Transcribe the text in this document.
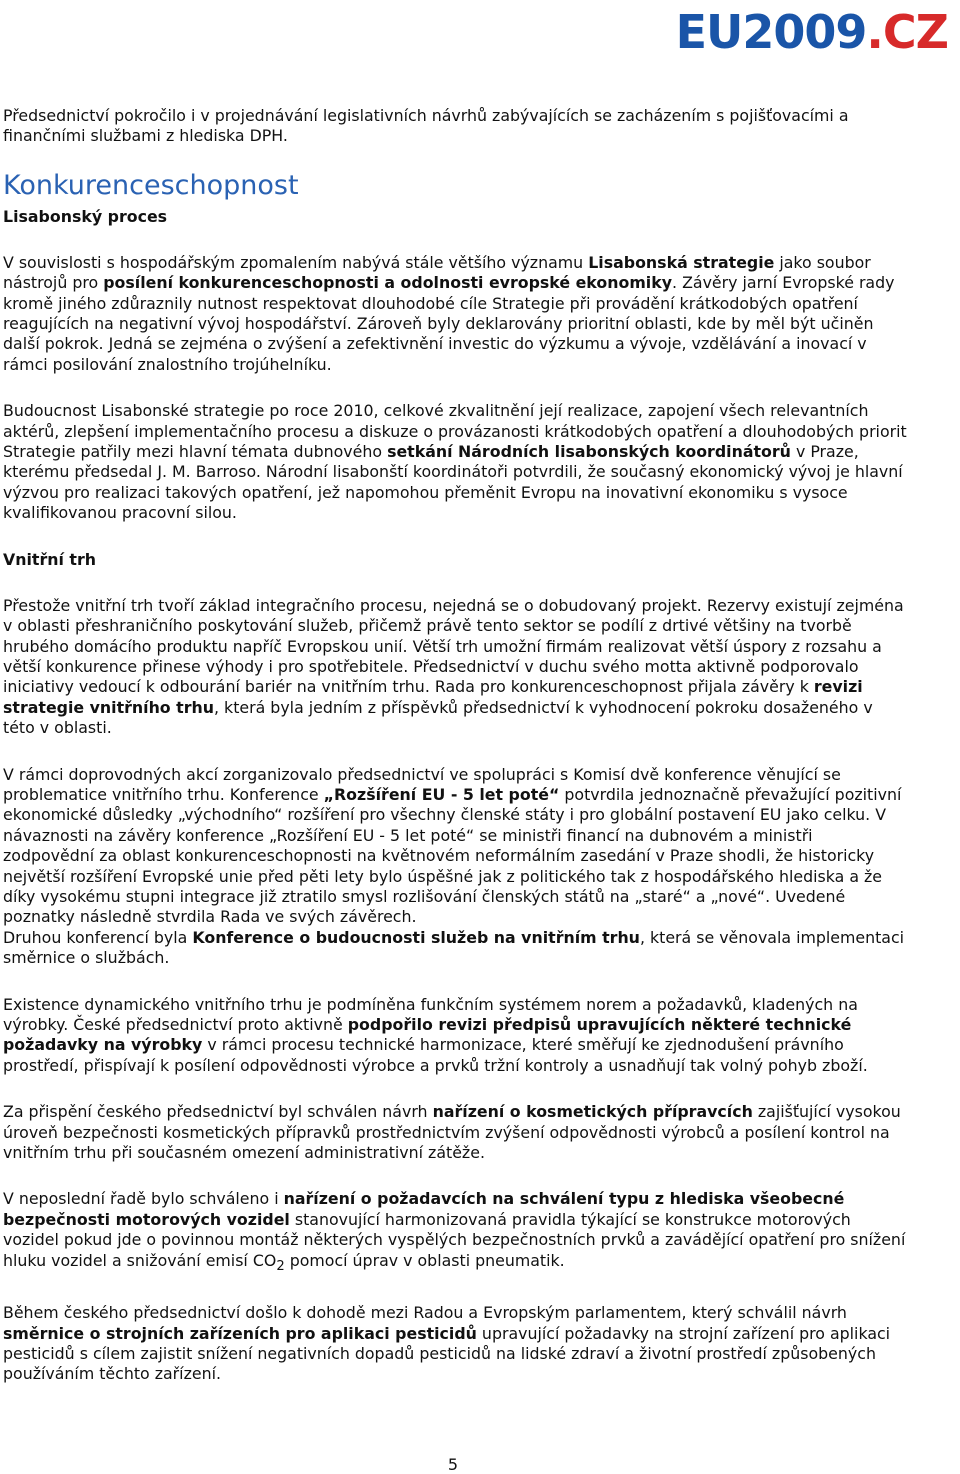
EU2009.CZ

Předsednictví pokročilo i v projednávání legislativních návrhů zabývajících se zacházením s pojišťovacími a finančními službami z hlediska DPH.

Konkurenceschopnost
Lisabonský proces

V souvislosti s hospodářským zpomalením nabývá stále většího významu Lisabonská strategie jako soubor nástrojů pro posílení konkurenceschopnosti a odolnosti evropské ekonomiky. Závěry jarní Evropské rady kromě jiného zdůraznily nutnost respektovat dlouhodobé cíle Strategie při provádění krátkodobých opatření reagujících na negativní vývoj hospodářství. Zároveň byly deklarovány prioritní oblasti, kde by měl být učiněn další pokrok. Jedná se zejména o zvýšení a zefektivnění investic do výzkumu a vývoje, vzdělávání a inovací v rámci posilování znalostního trojúhelníku.

Budoucnost Lisabonské strategie po roce 2010, celkové zkvalitnění její realizace, zapojení všech relevantních aktérů, zlepšení implementačního procesu a diskuze o provázanosti krátkodobých opatření a dlouhodobých priorit Strategie patřily mezi hlavní témata dubnového setkání Národních lisabonských koordinátorů v Praze, kterému předsedal J. M. Barroso. Národní lisabonští koordinátoři potvrdili, že současný ekonomický vývoj je hlavní výzvou pro realizaci takových opatření, jež napomohou přeměnit Evropu na inovativní ekonomiku s vysoce kvalifikovanou pracovní silou.

Vnitřní trh

Přestože vnitřní trh tvoří základ integračního procesu, nejedná se o dobudovaný projekt. Rezervy existují zejména v oblasti přeshraničního poskytování služeb, přičemž právě tento sektor se podílí z drtivé většiny na tvorbě hrubého domácího produktu napříč Evropskou unií. Větší trh umožní firmám realizovat větší úspory z rozsahu a větší konkurence přinese výhody i pro spotřebitele. Předsednictví v duchu svého motta aktivně podporovalo iniciativy vedoucí k odbourání bariér na vnitřním trhu. Rada pro konkurenceschopnost přijala závěry k revizi strategie vnitřního trhu, která byla jedním z příspěvků předsednictví k vyhodnocení pokroku dosaženého v této v oblasti.

V rámci doprovodných akcí zorganizovalo předsednictví ve spolupráci s Komisí dvě konference věnující se problematice vnitřního trhu. Konference „Rozšíření EU - 5 let poté“ potvrdila jednoznačně převažující pozitivní ekonomické důsledky „východního“ rozšíření pro všechny členské státy i pro globální postavení EU jako celku. V návaznosti na závěry konference „Rozšíření EU - 5 let poté“ se ministři financí na dubnovém a ministři zodpovědní za oblast konkurenceschopnosti na květnovém neformálním zasedání v Praze shodli, že historicky největší rozšíření Evropské unie před pěti lety bylo úspěšné jak z politického tak z hospodářského hlediska a že díky vysokému stupni integrace již ztratilo smysl rozlišování členských států na „staré“ a „nové“. Uvedené poznatky následně stvrdila Rada ve svých závěrech.

Druhou konferencí byla Konference o budoucnosti služeb na vnitřním trhu, která se věnovala implementaci směrnice o službách.

Existence dynamického vnitřního trhu je podmíněna funkčním systémem norem a požadavků, kladených na výrobky. České předsednictví proto aktivně podpořilo revizi předpisů upravujících některé technické požadavky na výrobky v rámci procesu technické harmonizace, které směřují ke zjednodušení právního prostředí, přispívají k posílení odpovědnosti výrobce a prvků tržní kontroly a usnadňují tak volný pohyb zboží.

Za přispění českého předsednictví byl schválen návrh nařízení o kosmetických přípravcích zajišťující vysokou úroveň bezpečnosti kosmetických přípravků prostřednictvím zvýšení odpovědnosti výrobců a posílení kontrol na vnitřním trhu při současném omezení administrativní zátěže.

V neposlední řadě bylo schváleno i nařízení o požadavcích na schválení typu z hlediska všeobecné bezpečnosti motorových vozidel stanovující harmonizovaná pravidla týkající se konstrukce motorových vozidel pokud jde o povinnou montáž některých vyspělých bezpečnostních prvků a zavádějící opatření pro snížení hluku vozidel a snižování emisí $CO_2$ pomocí úprav v oblasti pneumatik.

Během českého předsednictví došlo k dohodě mezi Radou a Evropským parlamentem, který schválil návrh směrnice o strojních zařízeních pro aplikaci pesticidů upravující požadavky na strojní zařízení pro aplikaci pesticidů s cílem zajistit snížení negativních dopadů pesticidů na lidské zdraví a životní prostředí způsobených používáním těchto zařízení.

5
